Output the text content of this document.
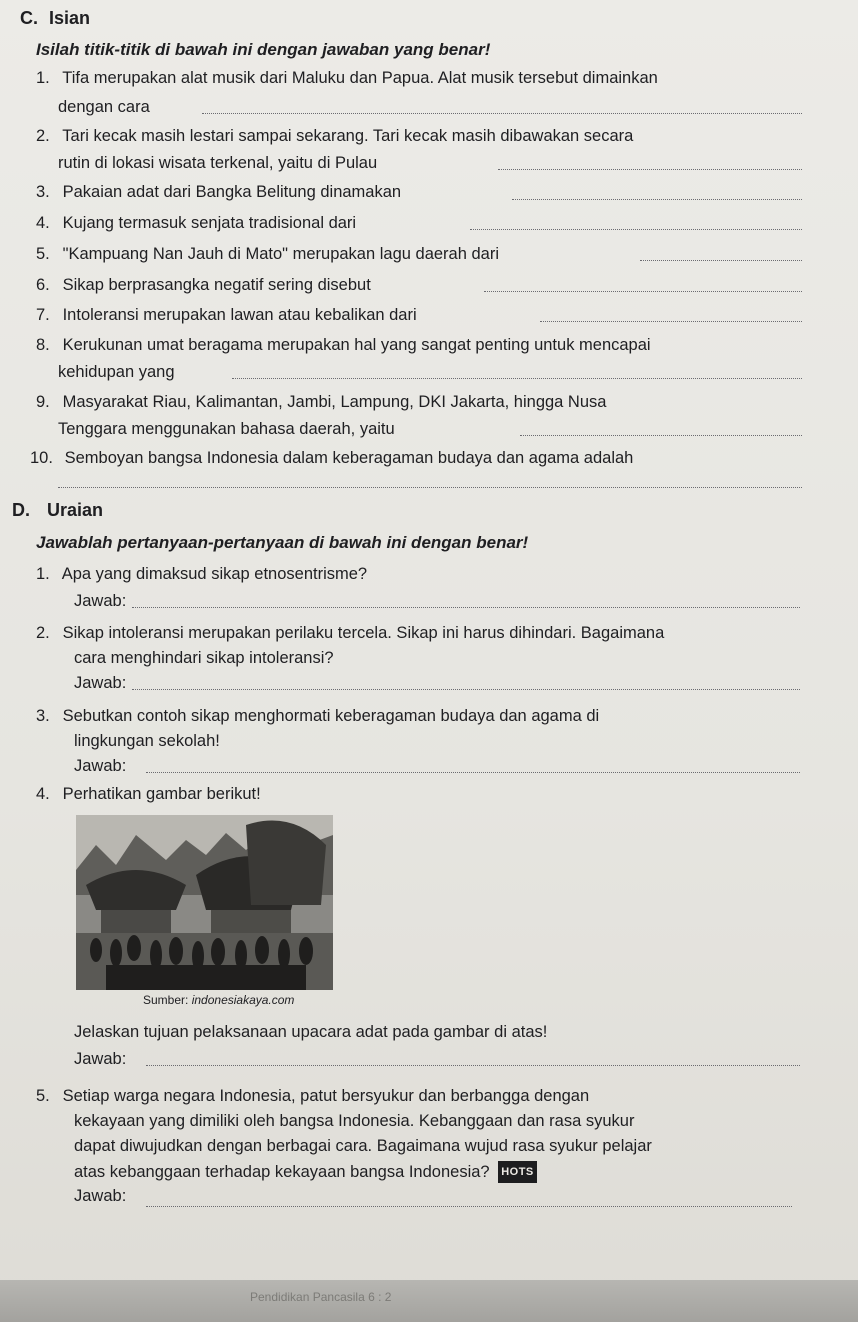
C. Isian
Isilah titik-titik di bawah ini dengan jawaban yang benar!
1. Tifa merupakan alat musik dari Maluku dan Papua. Alat musik tersebut dimainkan
dengan cara
2. Tari kecak masih lestari sampai sekarang. Tari kecak masih dibawakan secara
rutin di lokasi wisata terkenal, yaitu di Pulau
3. Pakaian adat dari Bangka Belitung dinamakan
4. Kujang termasuk senjata tradisional dari
5. "Kampuang Nan Jauh di Mato" merupakan lagu daerah dari
6. Sikap berprasangka negatif sering disebut
7. Intoleransi merupakan lawan atau kebalikan dari
8. Kerukunan umat beragama merupakan hal yang sangat penting untuk mencapai
kehidupan yang
9. Masyarakat Riau, Kalimantan, Jambi, Lampung, DKI Jakarta, hingga Nusa
Tenggara menggunakan bahasa daerah, yaitu
10. Semboyan bangsa Indonesia dalam keberagaman budaya dan agama adalah
D. Uraian
Jawablah pertanyaan-pertanyaan di bawah ini dengan benar!
1. Apa yang dimaksud sikap etnosentrisme?
Jawab:
2. Sikap intoleransi merupakan perilaku tercela. Sikap ini harus dihindari. Bagaimana
cara menghindari sikap intoleransi?
Jawab:
3. Sebutkan contoh sikap menghormati keberagaman budaya dan agama di
lingkungan sekolah!
Jawab:
4. Perhatikan gambar berikut!
Sumber: indonesiakaya.com
Jelaskan tujuan pelaksanaan upacara adat pada gambar di atas!
Jawab:
5. Setiap warga negara Indonesia, patut bersyukur dan berbangga dengan
kekayaan yang dimiliki oleh bangsa Indonesia. Kebanggaan dan rasa syukur
dapat diwujudkan dengan berbagai cara. Bagaimana wujud rasa syukur pelajar
atas kebanggaan terhadap kekayaan bangsa Indonesia? HOTS
Jawab:
Pendidikan Pancasila 6 : 2
